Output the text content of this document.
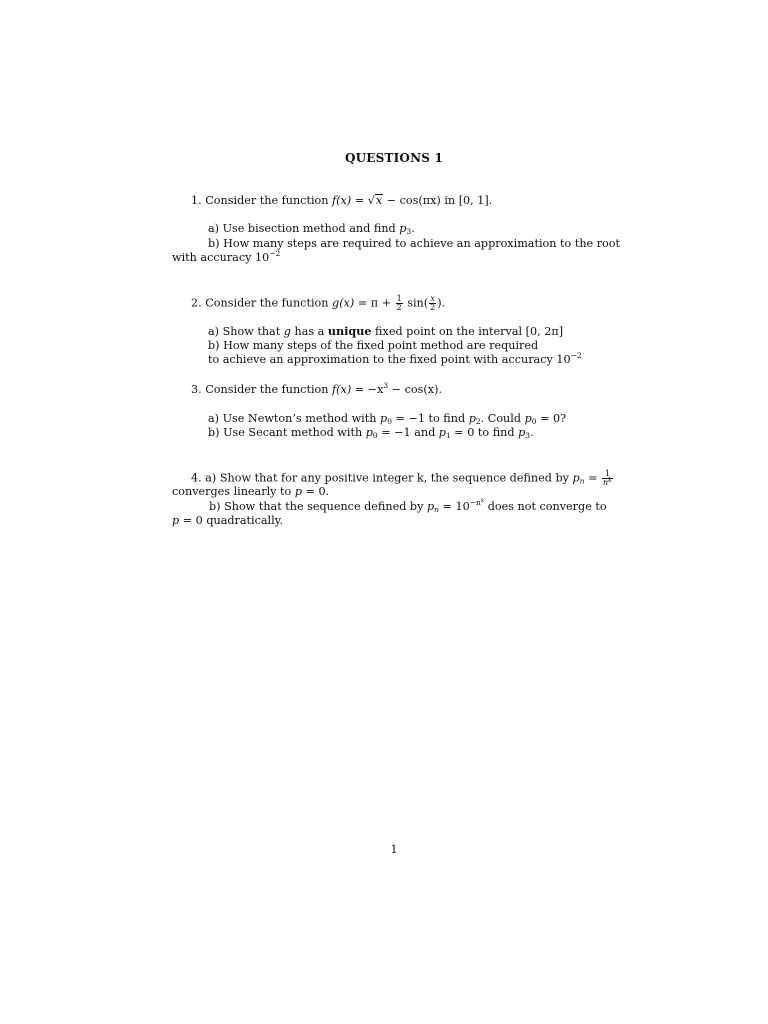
QUESTIONS 1
1. Consider the function f(x) = √x − cos(πx) in [0, 1].
a) Use bisection method and find $p_3$.
b) How many steps are required to achieve an approximation to the root
with accuracy $10^{-2}$
2. Consider the function $g(x) = \pi + \frac{1}{2} \sin( \frac{x}{2}$ ).
a) Show that g has a unique fixed point on the interval [0, 2π]
b) How many steps of the fixed point method are required
to achieve an approximation to the fixed point with accuracy $10^{-2}$
3. Consider the function $f(x) = -x^3 - \cos(x)$.
a) Use Newton’s method with $p_0 = -1$ to find $p_2$. Could $p_0 = 0$?
b) Use Secant method with $p_0 = -1$ and $p_1 = 0$ to find $p_3$.
4. a) Show that for any positive integer k, the sequence defined by $p_n = \frac{1}{n^k}$
converges linearly to p = 0.
b) Show that the sequence defined by $p_n = 10^{-n^k}$ does not converge to
p = 0 quadratically.
1
